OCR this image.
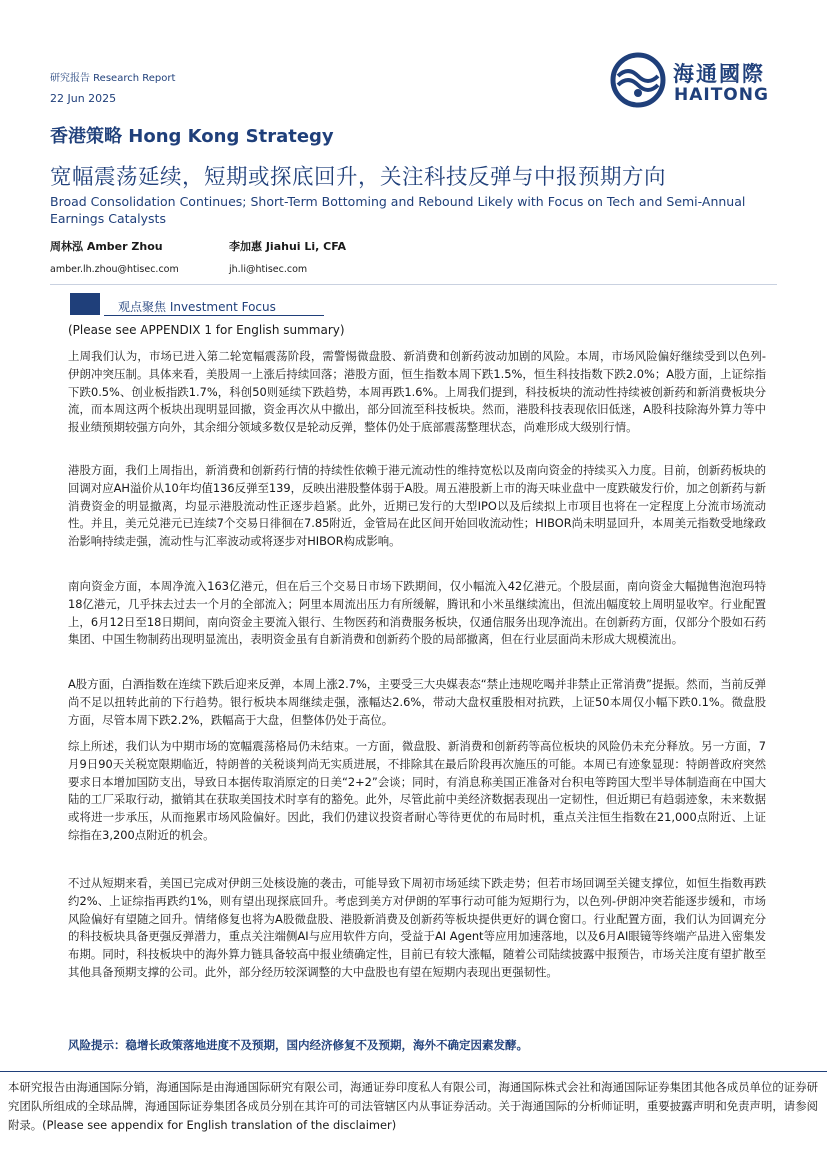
研究报告 Research Report
22 Jun 2025
海通國際
HAITONG
香港策略 Hong Kong Strategy
宽幅震荡延续，短期或探底回升，关注科技反弹与中报预期方向
Broad Consolidation Continues; Short-Term Bottoming and Rebound Likely with Focus on Tech and Semi-Annual Earnings Catalysts
周林泓 Amber Zhou
amber.lh.zhou@htisec.com
李加惠 Jiahui Li, CFA
jh.li@htisec.com
观点聚焦 Investment Focus
(Please see APPENDIX 1 for English summary)
上周我们认为，市场已进入第二轮宽幅震荡阶段，需警惕微盘股、新消费和创新药波动加剧的风险。本周，市场风险偏好继续受到以色列-伊朗冲突压制。具体来看，美股周一上涨后持续回落；港股方面，恒生指数本周下跌1.5%，恒生科技指数下跌2.0%；A股方面，上证综指下跌0.5%、创业板指跌1.7%，科创50则延续下跌趋势，本周再跌1.6%。上周我们提到，科技板块的流动性持续被创新药和新消费板块分流，而本周这两个板块出现明显回撤，资金再次从中撤出，部分回流至科技板块。然而，港股科技表现依旧低迷，A股科技除海外算力等中报业绩预期较强方向外，其余细分领域多数仅是轮动反弹，整体仍处于底部震荡整理状态，尚难形成大级别行情。
港股方面，我们上周指出，新消费和创新药行情的持续性依赖于港元流动性的维持宽松以及南向资金的持续买入力度。目前，创新药板块的回调对应AH溢价从10年均值136反弹至139，反映出港股整体弱于A股。周五港股新上市的海天味业盘中一度跌破发行价，加之创新药与新消费资金的明显撤离，均显示港股流动性正逐步趋紧。此外，近期已发行的大型IPO以及后续拟上市项目也将在一定程度上分流市场流动性。并且，美元兑港元已连续7个交易日徘徊在7.85附近，金管局在此区间开始回收流动性；HIBOR尚未明显回升，本周美元指数受地缘政治影响持续走强，流动性与汇率波动或将逐步对HIBOR构成影响。
南向资金方面，本周净流入163亿港元，但在后三个交易日市场下跌期间，仅小幅流入42亿港元。个股层面，南向资金大幅抛售泡泡玛特18亿港元，几乎抹去过去一个月的全部流入；阿里本周流出压力有所缓解，腾讯和小米虽继续流出，但流出幅度较上周明显收窄。行业配置上，6月12日至18日期间，南向资金主要流入银行、生物医药和消费服务板块，仅通信服务出现净流出。在创新药方面，仅部分个股如石药集团、中国生物制药出现明显流出，表明资金虽有自新消费和创新药个股的局部撤离，但在行业层面尚未形成大规模流出。
A股方面，白酒指数在连续下跌后迎来反弹，本周上涨2.7%，主要受三大央媒表态“禁止违规吃喝并非禁止正常消费”提振。然而，当前反弹尚不足以扭转此前的下行趋势。银行板块本周继续走强，涨幅达2.6%，带动大盘权重股相对抗跌，上证50本周仅小幅下跌0.1%。微盘股方面，尽管本周下跌2.2%，跌幅高于大盘，但整体仍处于高位。
综上所述，我们认为中期市场的宽幅震荡格局仍未结束。一方面，微盘股、新消费和创新药等高位板块的风险仍未充分释放。另一方面，7月9日90天关税宽限期临近，特朗普的关税谈判尚无实质进展，不排除其在最后阶段再次施压的可能。本周已有迹象显现：特朗普政府突然要求日本增加国防支出，导致日本据传取消原定的日美“2+2”会谈；同时，有消息称美国正准备对台积电等跨国大型半导体制造商在中国大陆的工厂采取行动，撤销其在获取美国技术时享有的豁免。此外，尽管此前中美经济数据表现出一定韧性，但近期已有趋弱迹象，未来数据或将进一步承压，从而拖累市场风险偏好。因此，我们仍建议投资者耐心等待更优的布局时机，重点关注恒生指数在21,000点附近、上证综指在3,200点附近的机会。
不过从短期来看，美国已完成对伊朗三处核设施的袭击，可能导致下周初市场延续下跌走势；但若市场回调至关键支撑位，如恒生指数再跌约2%、上证综指再跌约1%，则有望出现探底回升。考虑到美方对伊朗的军事行动可能为短期行为，以色列-伊朗冲突若能逐步缓和，市场风险偏好有望随之回升。情绪修复也将为A股微盘股、港股新消费及创新药等板块提供更好的调仓窗口。行业配置方面，我们认为回调充分的科技板块具备更强反弹潜力，重点关注端侧AI与应用软件方向，受益于AI Agent等应用加速落地，以及6月AI眼镜等终端产品进入密集发布期。同时，科技板块中的海外算力链具备较高中报业绩确定性，目前已有较大涨幅，随着公司陆续披露中报预告，市场关注度有望扩散至其他具备预期支撑的公司。此外，部分经历较深调整的大中盘股也有望在短期内表现出更强韧性。
风险提示：稳增长政策落地进度不及预期，国内经济修复不及预期，海外不确定因素发酵。
本研究报告由海通国际分销，海通国际是由海通国际研究有限公司，海通证券印度私人有限公司，海通国际株式会社和海通国际证券集团其他各成员单位的证券研究团队所组成的全球品牌，海通国际证券集团各成员分别在其许可的司法管辖区内从事证券活动。关于海通国际的分析师证明，重要披露声明和免责声明，请参阅附录。(Please see appendix for English translation of the disclaimer)
